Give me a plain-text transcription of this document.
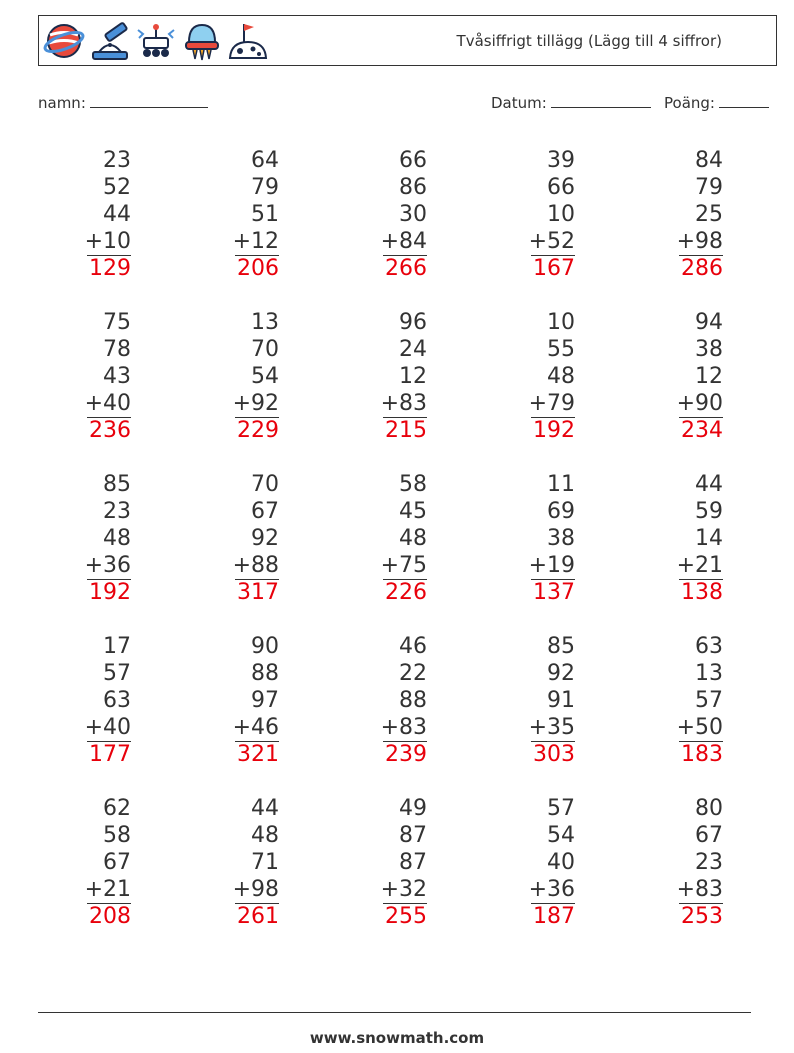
Tvåsiffrigt tillägg (Lägg till 4 siffror)
namn:	Datum:	Poäng:
23
52
44
+10
129
64
79
51
+12
206
66
86
30
+84
266
39
66
10
+52
167
84
79
25
+98
286
75
78
43
+40
236
13
70
54
+92
229
96
24
12
+83
215
10
55
48
+79
192
94
38
12
+90
234
85
23
48
+36
192
70
67
92
+88
317
58
45
48
+75
226
11
69
38
+19
137
44
59
14
+21
138
17
57
63
+40
177
90
88
97
+46
321
46
22
88
+83
239
85
92
91
+35
303
63
13
57
+50
183
62
58
67
+21
208
44
48
71
+98
261
49
87
87
+32
255
57
54
40
+36
187
80
67
23
+83
253
www.snowmath.com
